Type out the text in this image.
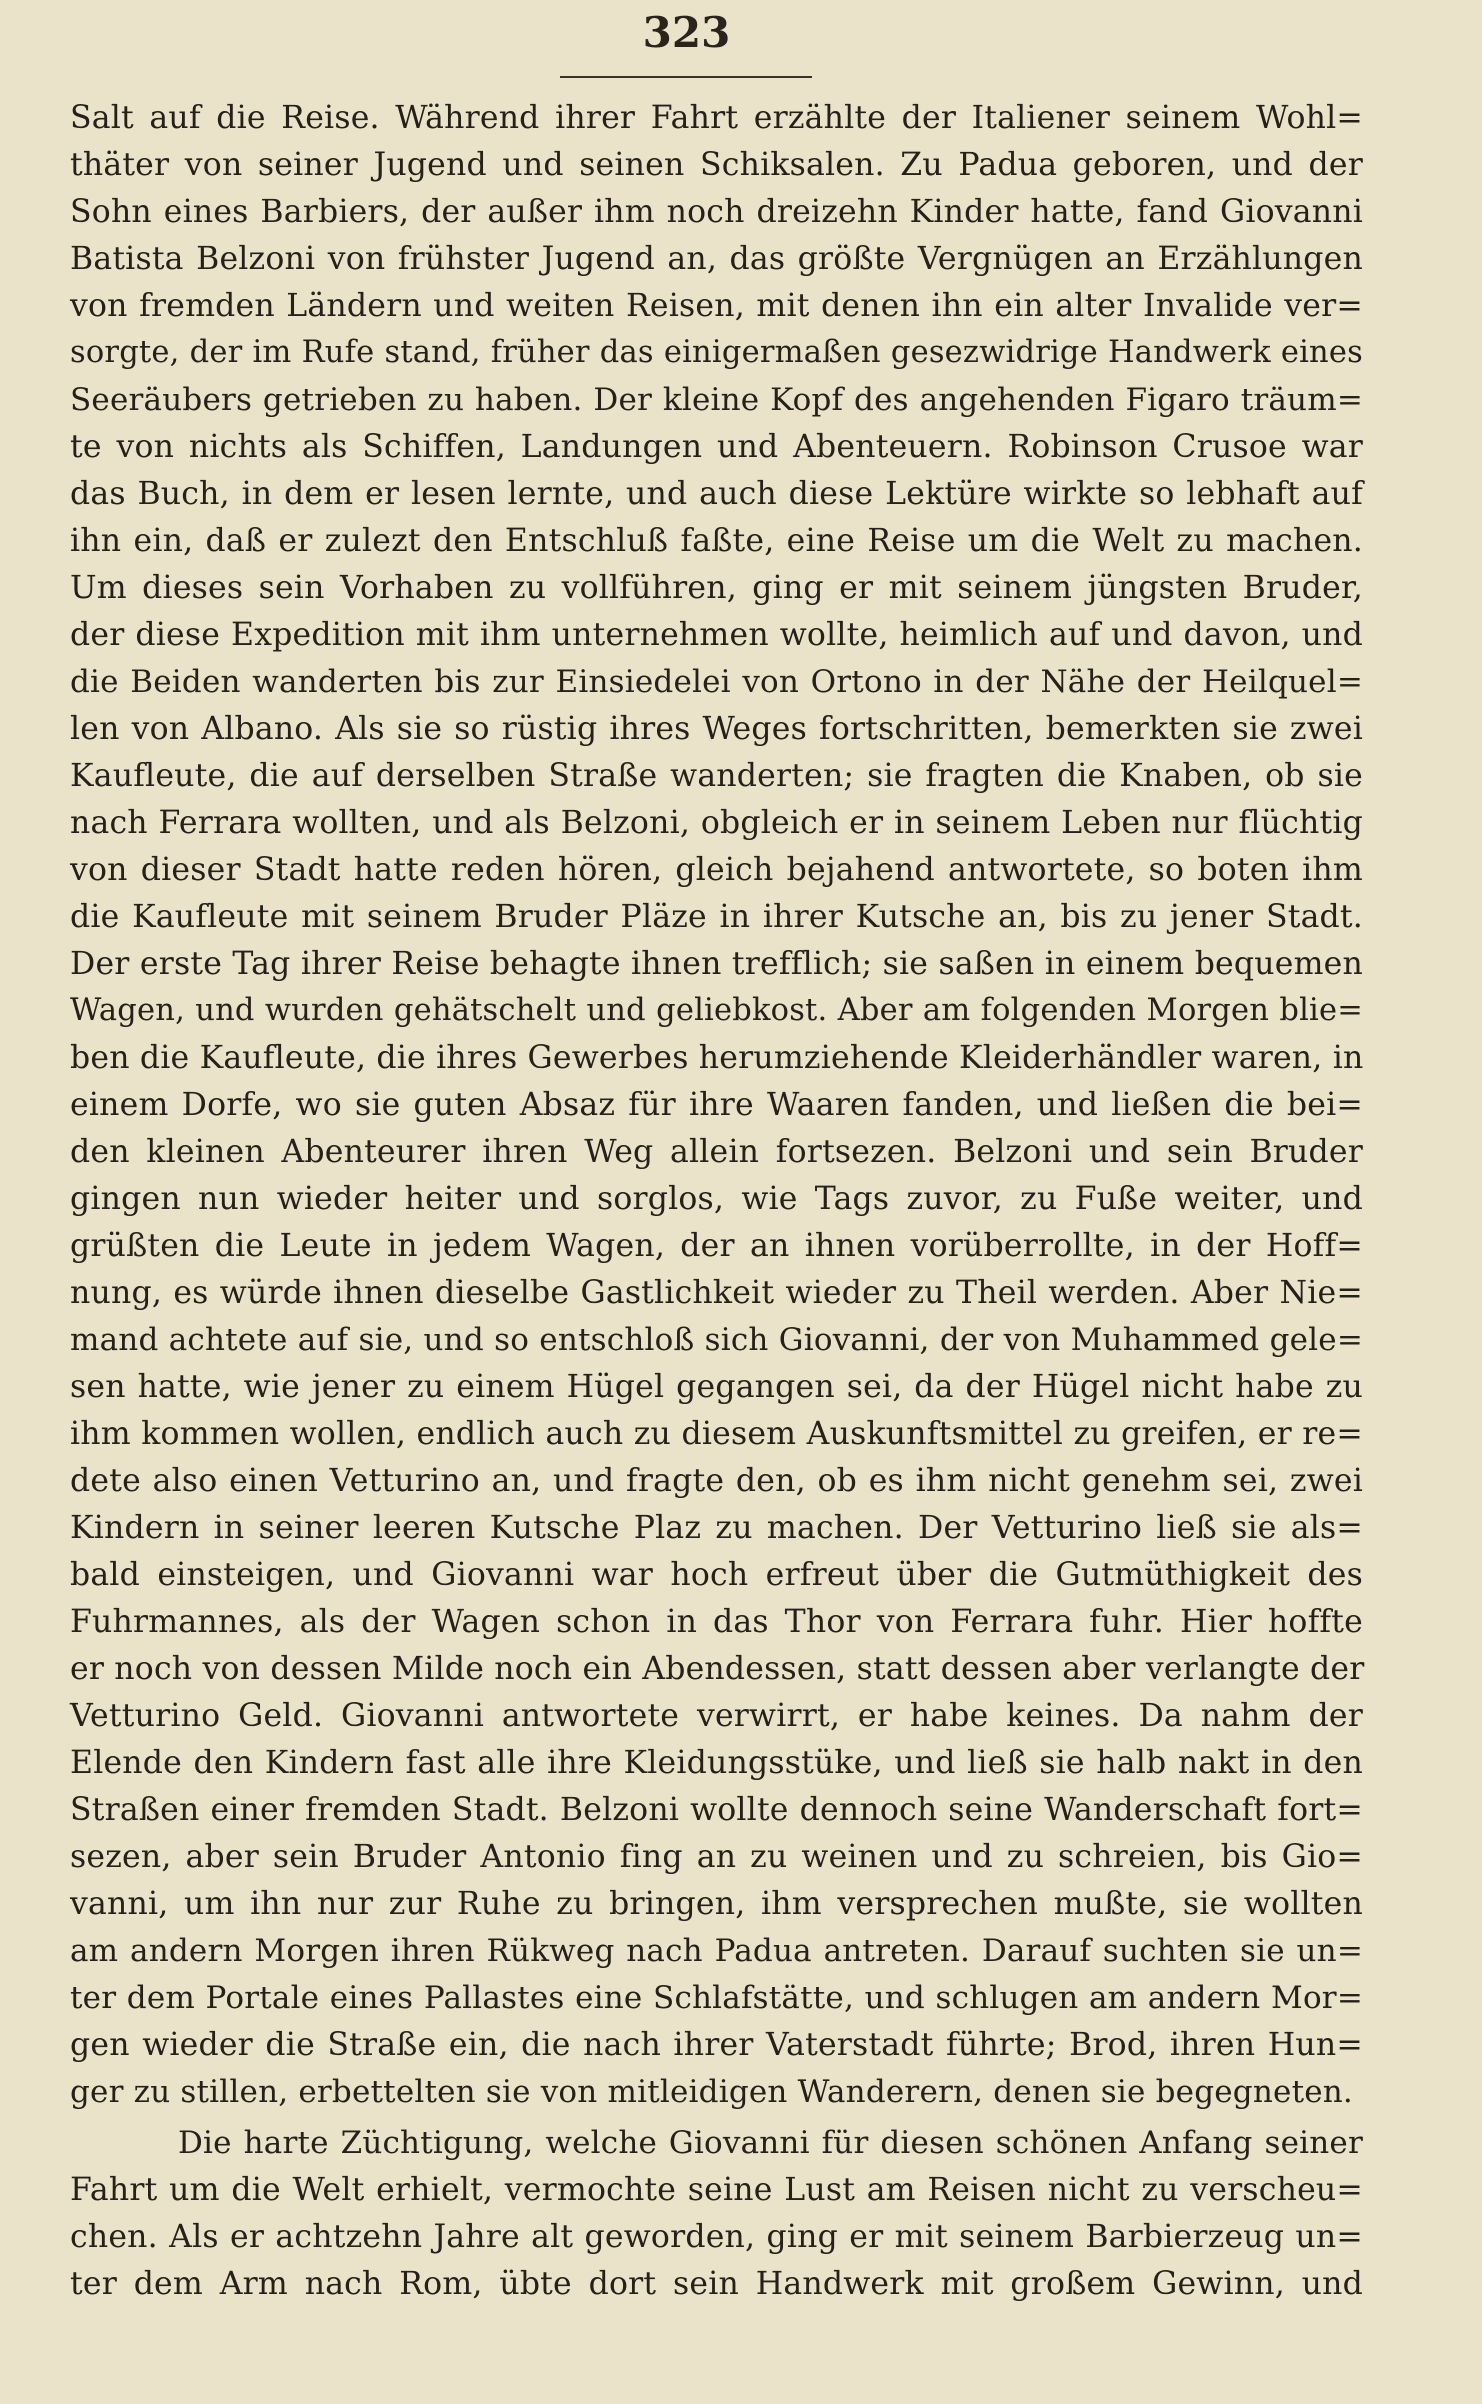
323
Salt auf die Reise. Während ihrer Fahrt erzählte der Italiener seinem Wohl=
thäter von seiner Jugend und seinen Schiksalen. Zu Padua geboren, und der
Sohn eines Barbiers, der außer ihm noch dreizehn Kinder hatte, fand Giovanni
Batista Belzoni von frühster Jugend an, das größte Vergnügen an Erzählungen
von fremden Ländern und weiten Reisen, mit denen ihn ein alter Invalide ver=
sorgte, der im Rufe stand, früher das einigermaßen gesezwidrige Handwerk eines
Seeräubers getrieben zu haben. Der kleine Kopf des angehenden Figaro träum=
te von nichts als Schiffen, Landungen und Abenteuern. Robinson Crusoe war
das Buch, in dem er lesen lernte, und auch diese Lektüre wirkte so lebhaft auf
ihn ein, daß er zulezt den Entschluß faßte, eine Reise um die Welt zu machen.
Um dieses sein Vorhaben zu vollführen, ging er mit seinem jüngsten Bruder,
der diese Expedition mit ihm unternehmen wollte, heimlich auf und davon, und
die Beiden wanderten bis zur Einsiedelei von Ortono in der Nähe der Heilquel=
len von Albano. Als sie so rüstig ihres Weges fortschritten, bemerkten sie zwei
Kaufleute, die auf derselben Straße wanderten; sie fragten die Knaben, ob sie
nach Ferrara wollten, und als Belzoni, obgleich er in seinem Leben nur flüchtig
von dieser Stadt hatte reden hören, gleich bejahend antwortete, so boten ihm
die Kaufleute mit seinem Bruder Pläze in ihrer Kutsche an, bis zu jener Stadt.
Der erste Tag ihrer Reise behagte ihnen trefflich; sie saßen in einem bequemen
Wagen, und wurden gehätschelt und geliebkost. Aber am folgenden Morgen blie=
ben die Kaufleute, die ihres Gewerbes herumziehende Kleiderhändler waren, in
einem Dorfe, wo sie guten Absaz für ihre Waaren fanden, und ließen die bei=
den kleinen Abenteurer ihren Weg allein fortsezen. Belzoni und sein Bruder
gingen nun wieder heiter und sorglos, wie Tags zuvor, zu Fuße weiter, und
grüßten die Leute in jedem Wagen, der an ihnen vorüberrollte, in der Hoff=
nung, es würde ihnen dieselbe Gastlichkeit wieder zu Theil werden. Aber Nie=
mand achtete auf sie, und so entschloß sich Giovanni, der von Muhammed gele=
sen hatte, wie jener zu einem Hügel gegangen sei, da der Hügel nicht habe zu
ihm kommen wollen, endlich auch zu diesem Auskunftsmittel zu greifen, er re=
dete also einen Vetturino an, und fragte den, ob es ihm nicht genehm sei, zwei
Kindern in seiner leeren Kutsche Plaz zu machen. Der Vetturino ließ sie als=
bald einsteigen, und Giovanni war hoch erfreut über die Gutmüthigkeit des
Fuhrmannes, als der Wagen schon in das Thor von Ferrara fuhr. Hier hoffte
er noch von dessen Milde noch ein Abendessen, statt dessen aber verlangte der
Vetturino Geld. Giovanni antwortete verwirrt, er habe keines. Da nahm der
Elende den Kindern fast alle ihre Kleidungsstüke, und ließ sie halb nakt in den
Straßen einer fremden Stadt. Belzoni wollte dennoch seine Wanderschaft fort=
sezen, aber sein Bruder Antonio fing an zu weinen und zu schreien, bis Gio=
vanni, um ihn nur zur Ruhe zu bringen, ihm versprechen mußte, sie wollten
am andern Morgen ihren Rükweg nach Padua antreten. Darauf suchten sie un=
ter dem Portale eines Pallastes eine Schlafstätte, und schlugen am andern Mor=
gen wieder die Straße ein, die nach ihrer Vaterstadt führte; Brod, ihren Hun=
ger zu stillen, erbettelten sie von mitleidigen Wanderern, denen sie begegneten.
Die harte Züchtigung, welche Giovanni für diesen schönen Anfang seiner
Fahrt um die Welt erhielt, vermochte seine Lust am Reisen nicht zu verscheu=
chen. Als er achtzehn Jahre alt geworden, ging er mit seinem Barbierzeug un=
ter dem Arm nach Rom, übte dort sein Handwerk mit großem Gewinn, und
